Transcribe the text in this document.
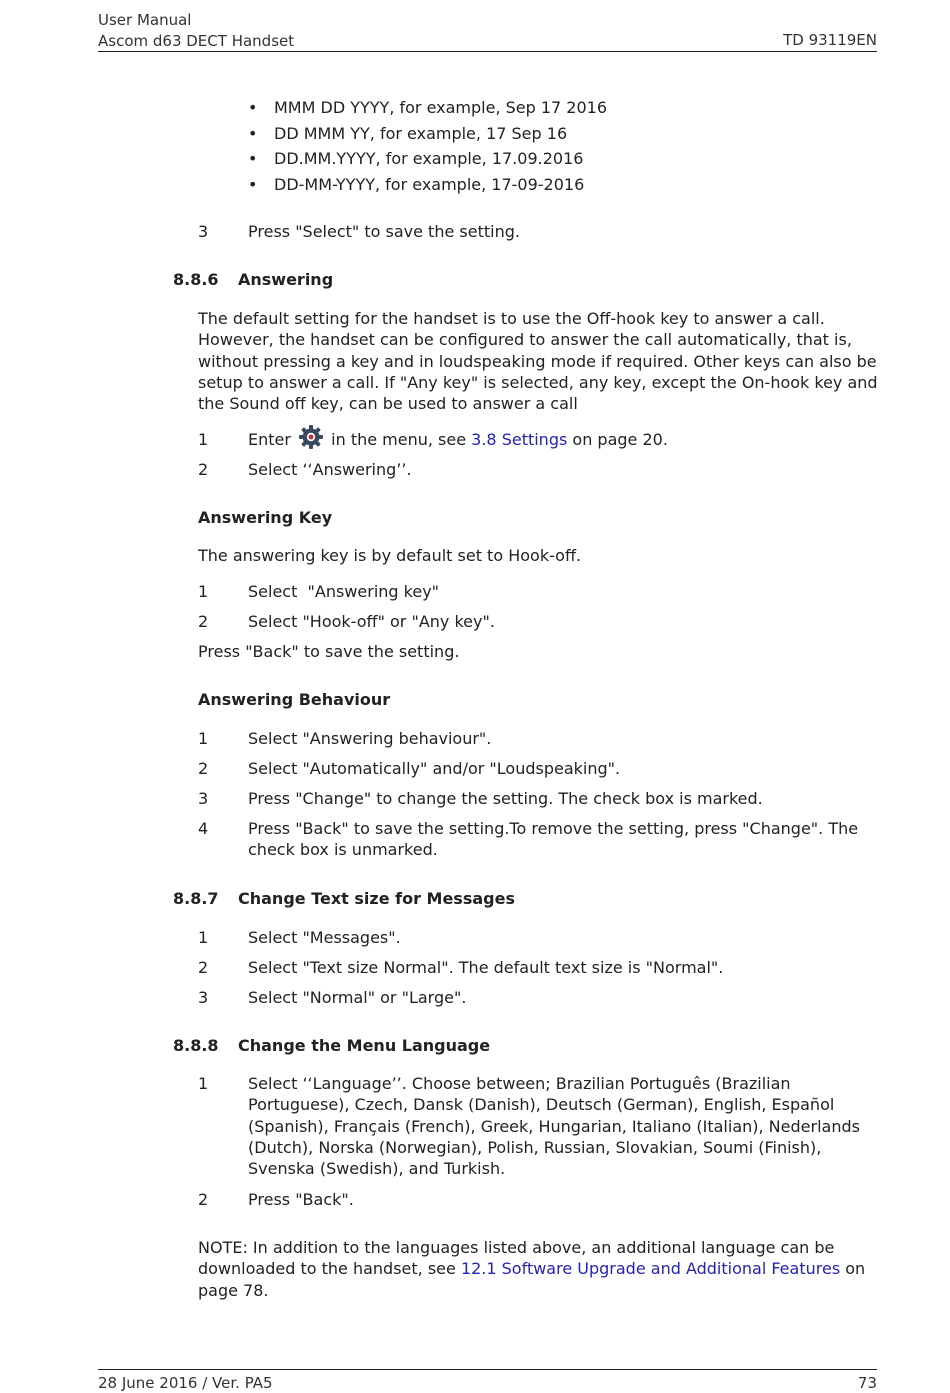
User Manual
Ascom d63 DECT Handset	TD 93119EN
• MMM DD YYYY, for example, Sep 17 2016
• DD MMM YY, for example, 17 Sep 16
• DD.MM.YYYY, for example, 17.09.2016
• DD-MM-YYYY, for example, 17-09-2016
3 Press "Select" to save the setting.
8.8.6 Answering
The default setting for the handset is to use the Off-hook key to answer a call. However, the handset can be configured to answer the call automatically, that is, without pressing a key and in loudspeaking mode if required. Other keys can also be setup to answer a call. If "Any key" is selected, any key, except the On-hook key and the Sound off key, can be used to answer a call
1 Enter	in the menu, see 3.8 Settings on page 20.
2 Select ‘‘Answering’’.
Answering Key
The answering key is by default set to Hook-off.
1 Select  "Answering key"
2 Select "Hook-off" or "Any key".
Press "Back" to save the setting.
Answering Behaviour
1 Select "Answering behaviour".
2 Select "Automatically" and/or "Loudspeaking".
3 Press "Change" to change the setting. The check box is marked.
4 Press "Back" to save the setting.To remove the setting, press "Change". The check box is unmarked.
8.8.7 Change Text size for Messages
1 Select "Messages".
2 Select "Text size Normal". The default text size is "Normal".
3 Select "Normal" or "Large".
8.8.8 Change the Menu Language
1 Select ‘‘Language’’. Choose between; Brazilian Português (Brazilian Portuguese), Czech, Dansk (Danish), Deutsch (German), English, Español (Spanish), Français (French), Greek, Hungarian, Italiano (Italian), Nederlands (Dutch), Norska (Norwegian), Polish, Russian, Slovakian, Soumi (Finish), Svenska (Swedish), and Turkish.
2 Press "Back".
NOTE: In addition to the languages listed above, an additional language can be downloaded to the handset, see 12.1 Software Upgrade and Additional Features on page 78.
28 June 2016 / Ver. PA5	73
